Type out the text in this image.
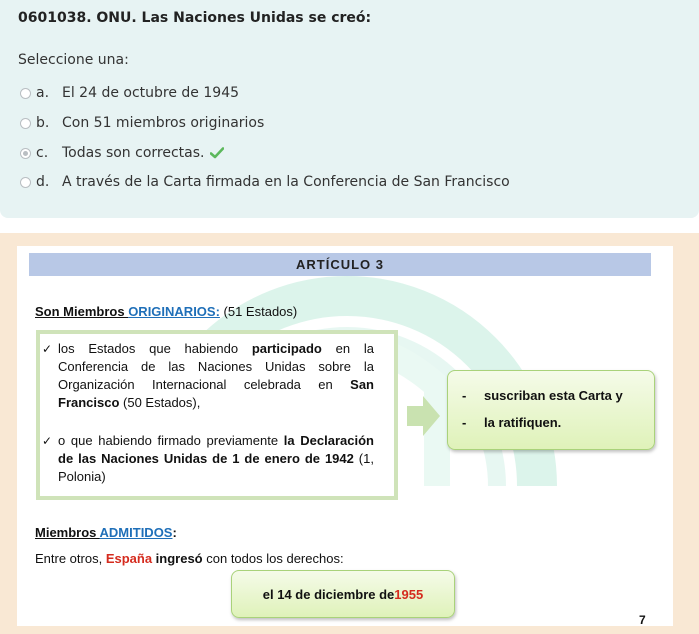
0601038. ONU. Las Naciones Unidas se creó:
Seleccione una:
a. El 24 de octubre de 1945
b. Con 51 miembros originarios
c. Todas son correctas.
d. A través de la Carta firmada en la Conferencia de San Francisco
ARTÍCULO 3
Son Miembros ORIGINARIOS: (51 Estados)
✓ los Estados que habiendo participado en la Conferencia de las Naciones Unidas sobre la Organización Internacional celebrada en San Francisco (50 Estados),
✓ o que habiendo firmado previamente la Declaración de las Naciones Unidas de 1 de enero de 1942 (1, Polonia)
- suscriban esta Carta y
- la ratifiquen.
Miembros ADMITIDOS:
Entre otros, España ingresó con todos los derechos:
el 14 de diciembre de 1955
7
